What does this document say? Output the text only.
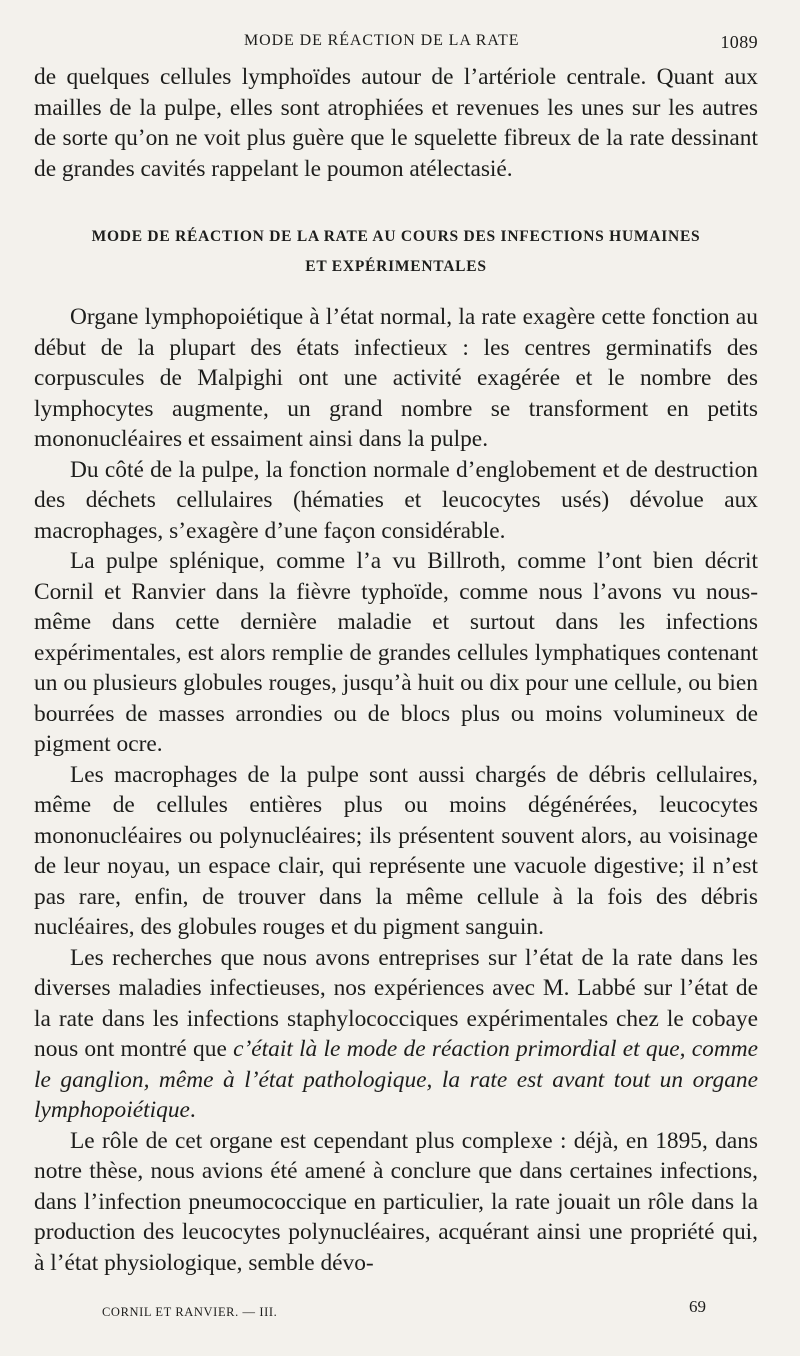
MODE DE RÉACTION DE LA RATE	1089

de quelques cellules lymphoïdes autour de l’artériole centrale. Quant aux mailles de la pulpe, elles sont atrophiées et revenues les unes sur les autres de sorte qu’on ne voit plus guère que le squelette fibreux de la rate dessinant de grandes cavités rappelant le poumon atélectasié.

MODE DE RÉACTION DE LA RATE AU COURS DES INFECTIONS HUMAINES
ET EXPÉRIMENTALES

Organe lymphopoiétique à l’état normal, la rate exagère cette fonction au début de la plupart des états infectieux : les centres germinatifs des corpuscules de Malpighi ont une activité exagérée et le nombre des lymphocytes augmente, un grand nombre se transforment en petits mononucléaires et essaiment ainsi dans la pulpe.

Du côté de la pulpe, la fonction normale d’englobement et de destruction des déchets cellulaires (hématies et leucocytes usés) dévolue aux macrophages, s’exagère d’une façon considérable.

La pulpe splénique, comme l’a vu Billroth, comme l’ont bien décrit Cornil et Ranvier dans la fièvre typhoïde, comme nous l’avons vu nous-même dans cette dernière maladie et surtout dans les infections expérimentales, est alors remplie de grandes cellules lymphatiques contenant un ou plusieurs globules rouges, jusqu’à huit ou dix pour une cellule, ou bien bourrées de masses arrondies ou de blocs plus ou moins volumineux de pigment ocre.

Les macrophages de la pulpe sont aussi chargés de débris cellulaires, même de cellules entières plus ou moins dégénérées, leucocytes mononucléaires ou polynucléaires; ils présentent souvent alors, au voisinage de leur noyau, un espace clair, qui représente une vacuole digestive; il n’est pas rare, enfin, de trouver dans la même cellule à la fois des débris nucléaires, des globules rouges et du pigment sanguin.

Les recherches que nous avons entreprises sur l’état de la rate dans les diverses maladies infectieuses, nos expériences avec M. Labbé sur l’état de la rate dans les infections staphylococciques expérimentales chez le cobaye nous ont montré que c’était là le mode de réaction primordial et que, comme le ganglion, même à l’état pathologique, la rate est avant tout un organe lymphopoiétique.

Le rôle de cet organe est cependant plus complexe : déjà, en 1895, dans notre thèse, nous avions été amené à conclure que dans certaines infections, dans l’infection pneumococcique en particulier, la rate jouait un rôle dans la production des leucocytes polynucléaires, acquérant ainsi une propriété qui, à l’état physiologique, semble dévo-

CORNIL ET RANVIER. — III.	69
